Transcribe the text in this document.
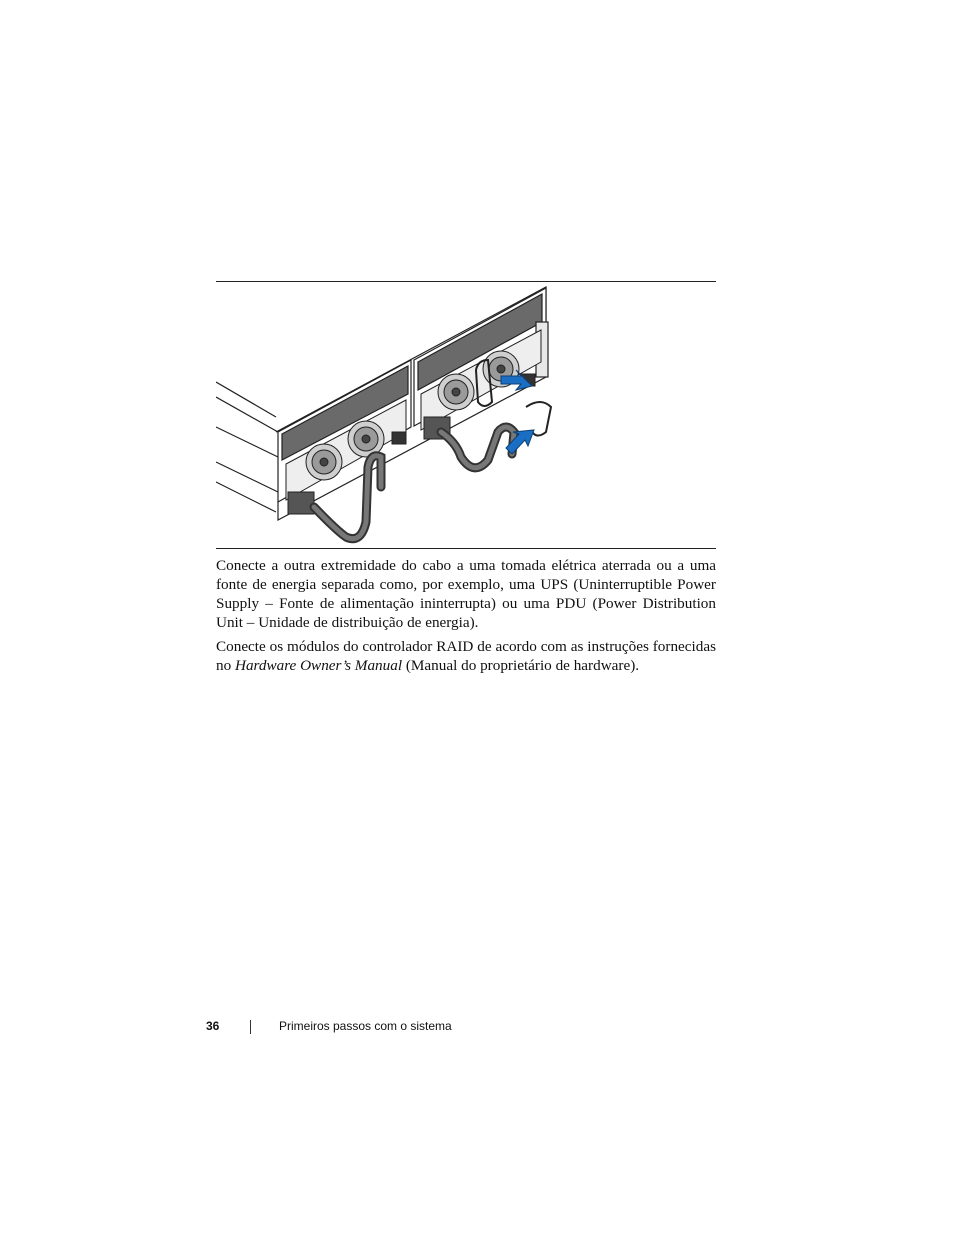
Conecte a outra extremidade do cabo a uma tomada elétrica aterrada ou a uma fonte de energia separada como, por exemplo, uma UPS (Uninterruptible Power Supply – Fonte de alimentação ininterrupta) ou uma PDU (Power Distribution Unit – Unidade de distribuição de energia).

Conecte os módulos do controlador RAID de acordo com as instruções fornecidas no Hardware Owner’s Manual (Manual do proprietário de hardware).

36	Primeiros passos com o sistema
